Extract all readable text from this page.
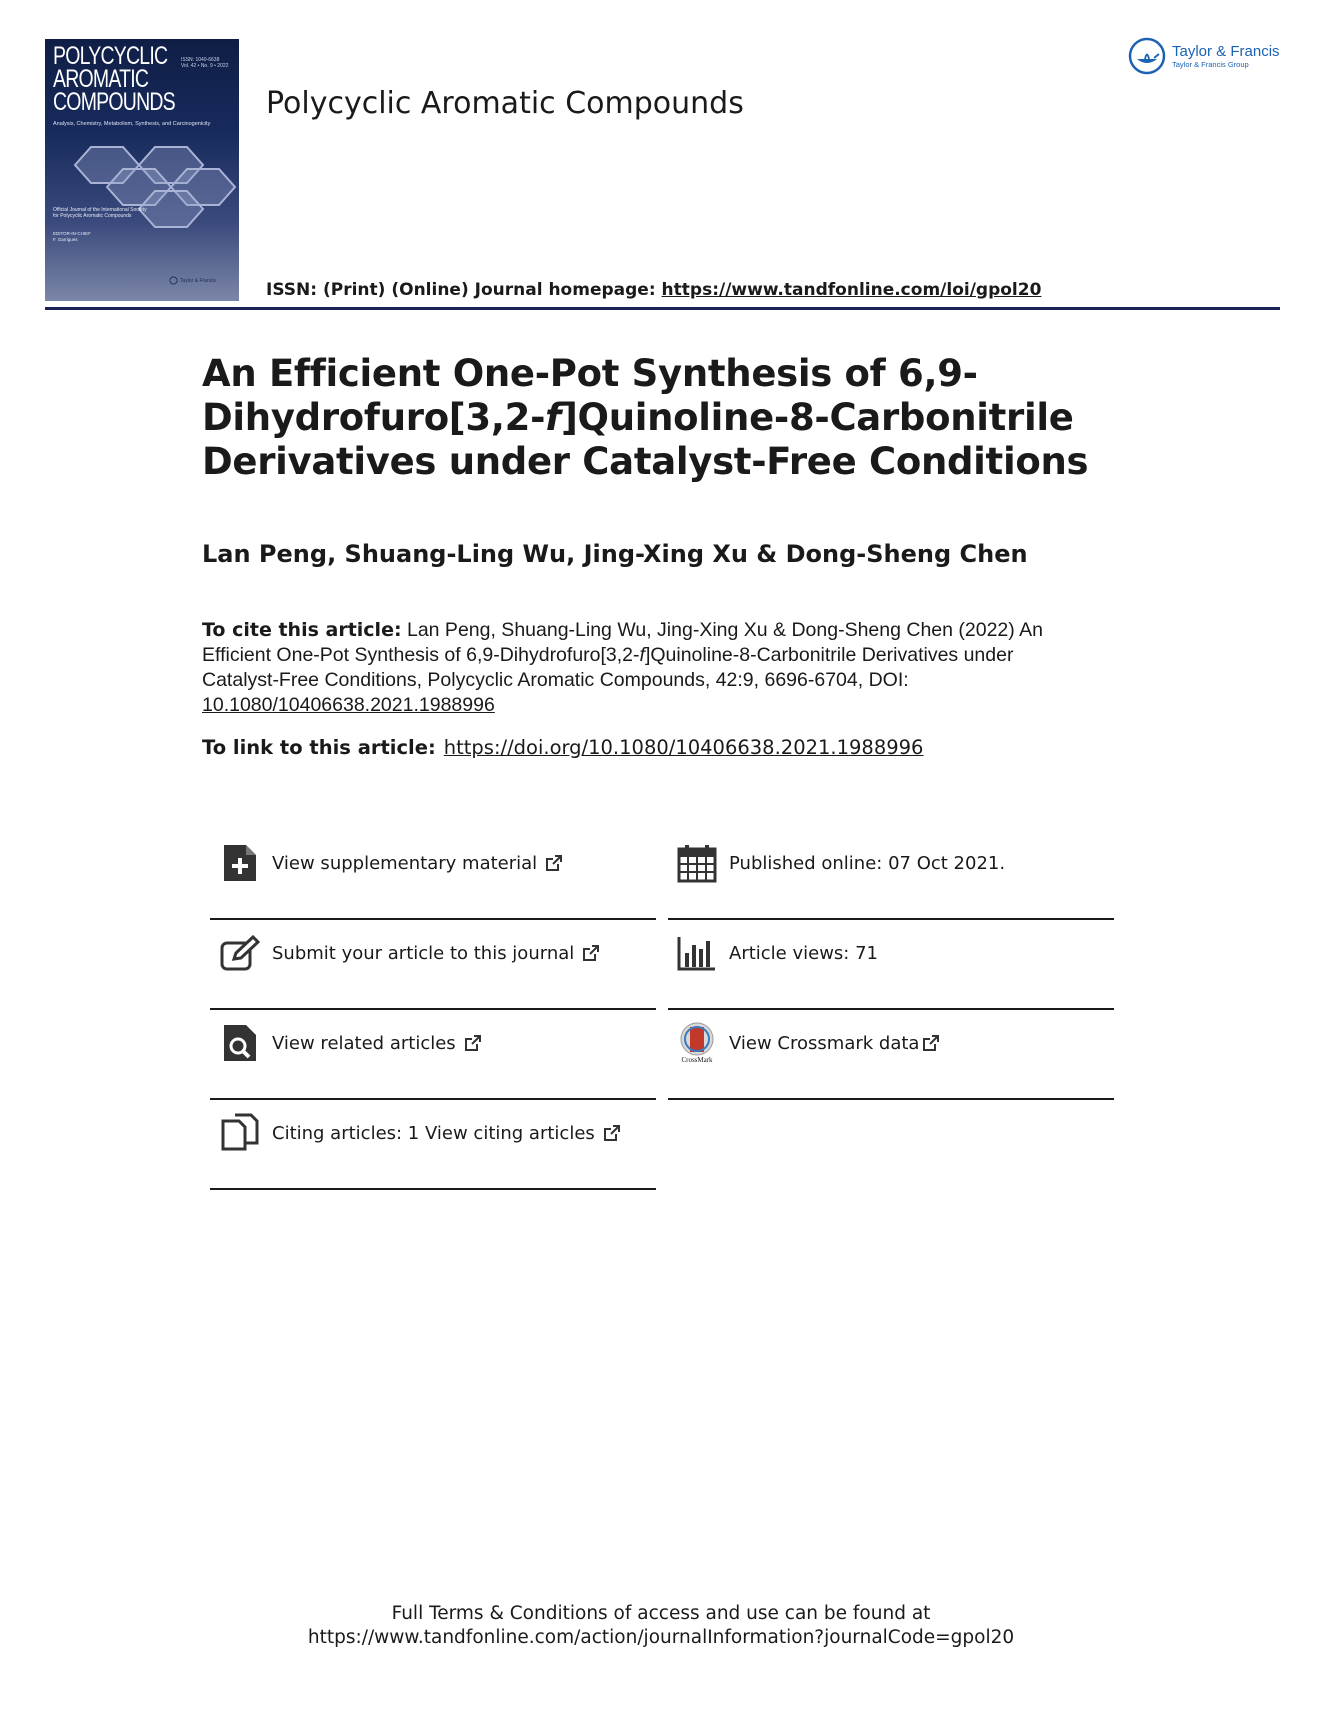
POLYCYCLIC
AROMATIC
COMPOUNDS
ISSN: 1040-6638
Vol. 42 • No. 9 • 2022
Analysis, Chemistry, Metabolism, Synthesis, and Carcinogenicity
Official Journal of the International Society for Polycyclic Aromatic Compounds
EDITOR-IN-CHIEF
F. Garrigues
Taylor & Francis
Polycyclic Aromatic Compounds
ISSN: (Print) (Online) Journal homepage: https://www.tandfonline.com/loi/gpol20
Taylor & Francis
Taylor & Francis Group
An Efficient One-Pot Synthesis of 6,9-
Dihydrofuro[3,2-f]Quinoline-8-Carbonitrile
Derivatives under Catalyst-Free Conditions
Lan Peng, Shuang-Ling Wu, Jing-Xing Xu & Dong-Sheng Chen
To cite this article: Lan Peng, Shuang-Ling Wu, Jing-Xing Xu & Dong-Sheng Chen (2022) An Efficient One-Pot Synthesis of 6,9-Dihydrofuro[3,2-f]Quinoline-8-Carbonitrile Derivatives under Catalyst-Free Conditions, Polycyclic Aromatic Compounds, 42:9, 6696-6704, DOI:
10.1080/10406638.2021.1988996
To link to this article: https://doi.org/10.1080/10406638.2021.1988996
View supplementary material
Submit your article to this journal
View related articles
Citing articles: 1 View citing articles
Published online: 07 Oct 2021.
Article views: 71
CrossMark
View Crossmark data
Full Terms & Conditions of access and use can be found at
https://www.tandfonline.com/action/journalInformation?journalCode=gpol20
